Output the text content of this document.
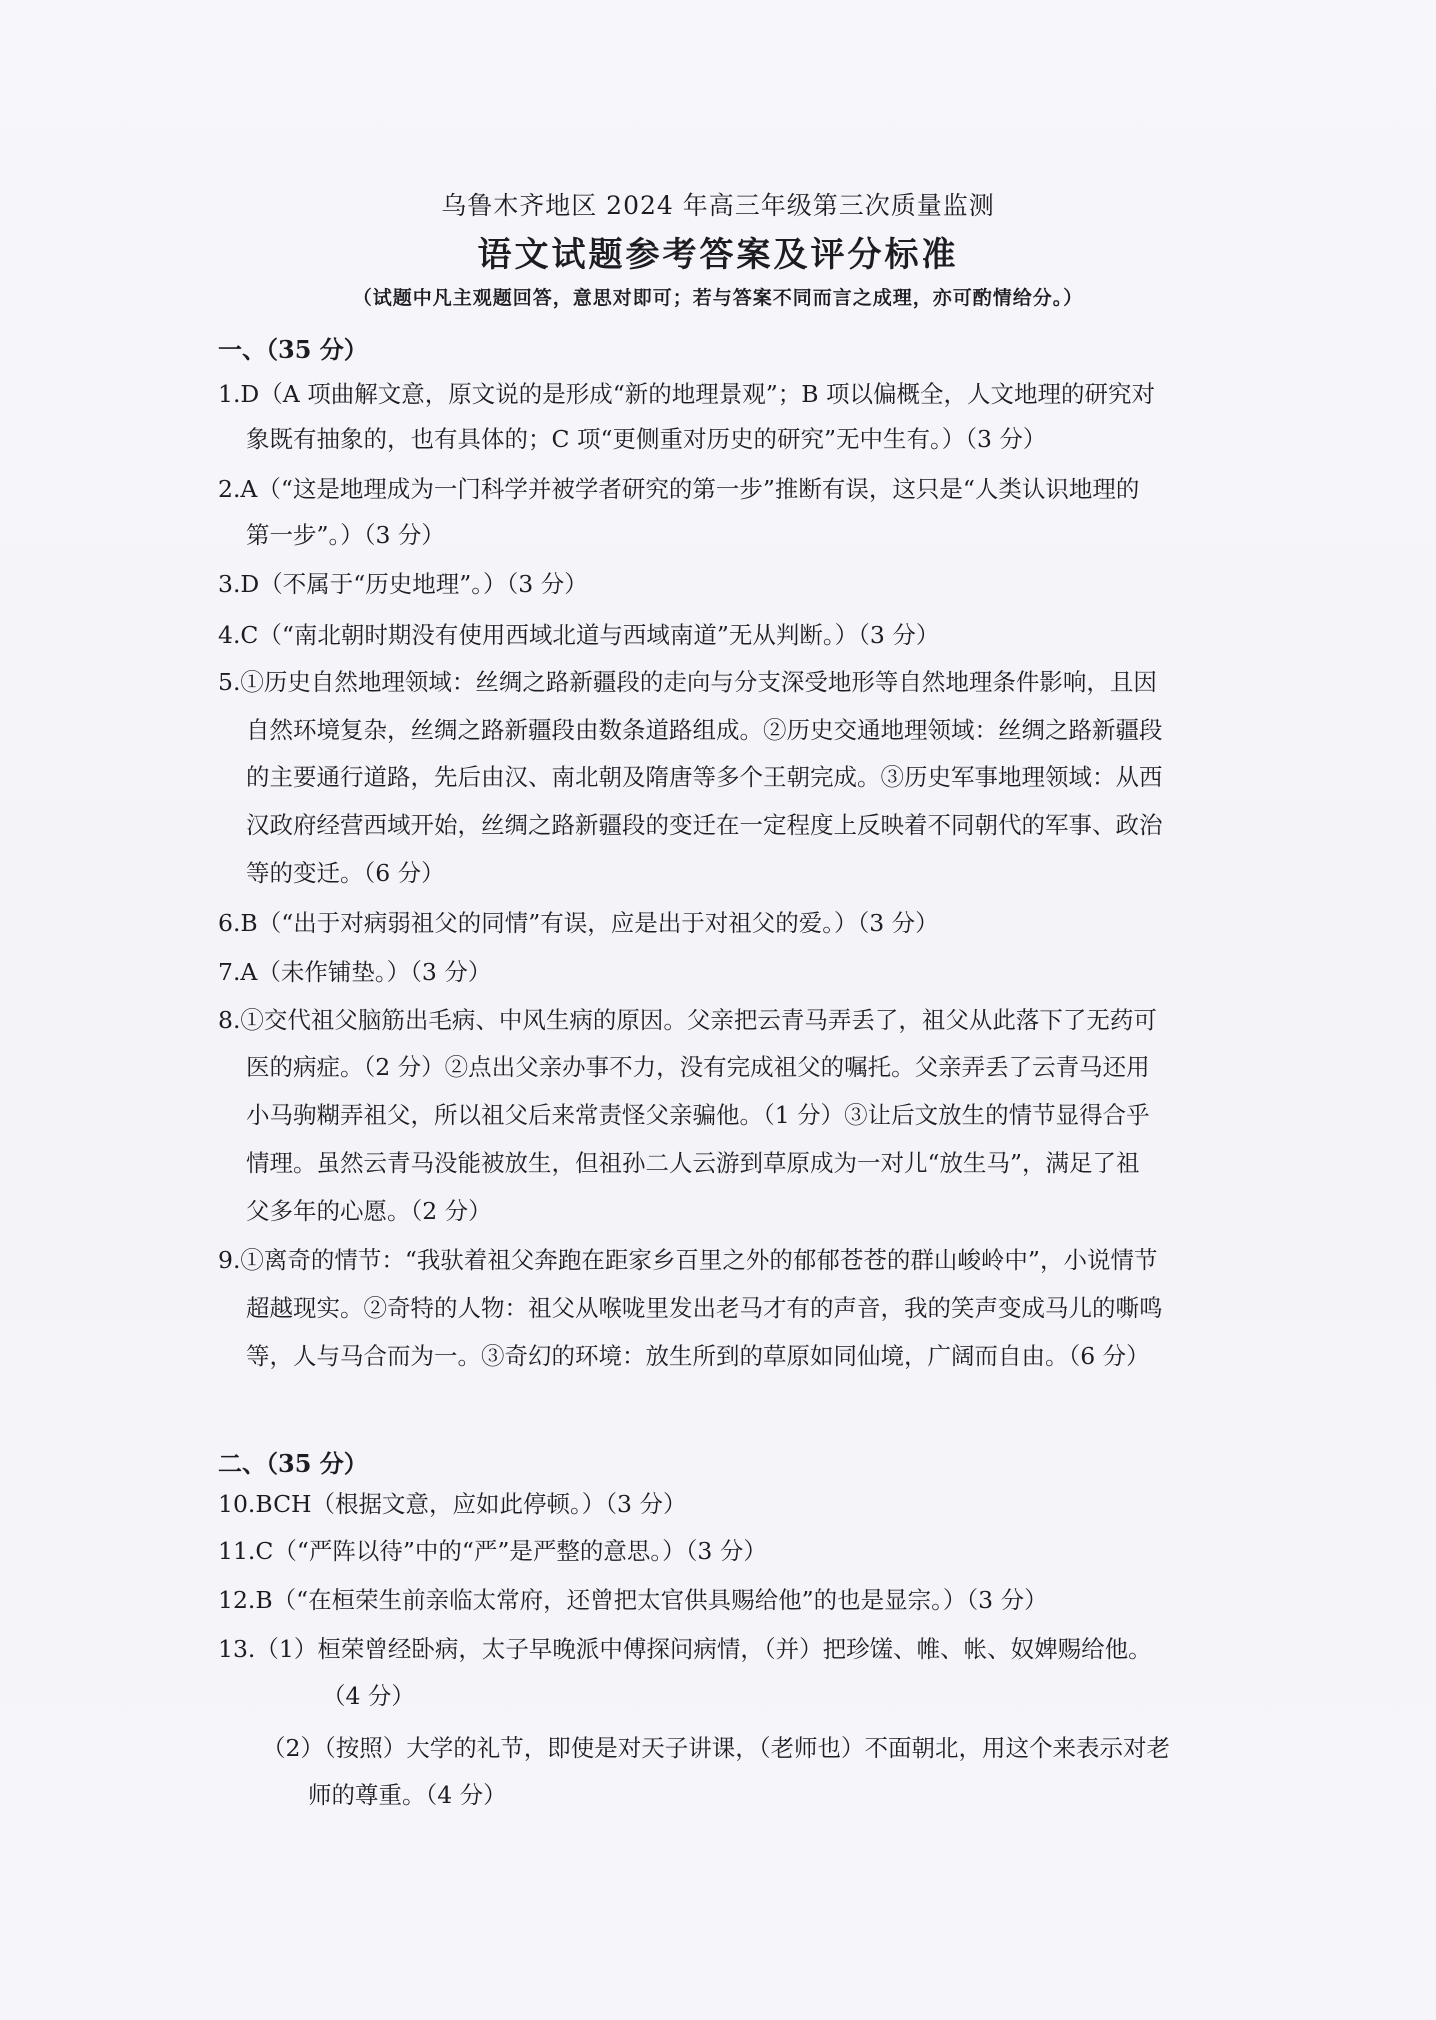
乌鲁木齐地区 2024 年高三年级第三次质量监测
语文试题参考答案及评分标准
（试题中凡主观题回答，意思对即可；若与答案不同而言之成理，亦可酌情给分。）
一、（35 分）
1.D（A 项曲解文意，原文说的是形成“新的地理景观”；B 项以偏概全，人文地理的研究对
象既有抽象的，也有具体的；C 项“更侧重对历史的研究”无中生有。）（3 分）
2.A（“这是地理成为一门科学并被学者研究的第一步”推断有误，这只是“人类认识地理的
第一步”。）（3 分）
3.D（不属于“历史地理”。）（3 分）
4.C（“南北朝时期没有使用西域北道与西域南道”无从判断。）（3 分）
5.①历史自然地理领域：丝绸之路新疆段的走向与分支深受地形等自然地理条件影响，且因
自然环境复杂，丝绸之路新疆段由数条道路组成。②历史交通地理领域：丝绸之路新疆段
的主要通行道路，先后由汉、南北朝及隋唐等多个王朝完成。③历史军事地理领域：从西
汉政府经营西域开始，丝绸之路新疆段的变迁在一定程度上反映着不同朝代的军事、政治
等的变迁。（6 分）
6.B（“出于对病弱祖父的同情”有误，应是出于对祖父的爱。）（3 分）
7.A（未作铺垫。）（3 分）
8.①交代祖父脑筋出毛病、中风生病的原因。父亲把云青马弄丢了，祖父从此落下了无药可
医的病症。（2 分）②点出父亲办事不力，没有完成祖父的嘱托。父亲弄丢了云青马还用
小马驹糊弄祖父，所以祖父后来常责怪父亲骗他。（1 分）③让后文放生的情节显得合乎
情理。虽然云青马没能被放生，但祖孙二人云游到草原成为一对儿“放生马”，满足了祖
父多年的心愿。（2 分）
9.①离奇的情节：“我驮着祖父奔跑在距家乡百里之外的郁郁苍苍的群山峻岭中”，小说情节
超越现实。②奇特的人物：祖父从喉咙里发出老马才有的声音，我的笑声变成马儿的嘶鸣
等，人与马合而为一。③奇幻的环境：放生所到的草原如同仙境，广阔而自由。（6 分）
二、（35 分）
10.BCH（根据文意，应如此停顿。）（3 分）
11.C（“严阵以待”中的“严”是严整的意思。）（3 分）
12.B（“在桓荣生前亲临太常府，还曾把太官供具赐给他”的也是显宗。）（3 分）
13.（1）桓荣曾经卧病，太子早晚派中傅探问病情，（并）把珍馐、帷、帐、奴婢赐给他。
（4 分）
（2）（按照）大学的礼节，即使是对天子讲课，（老师也）不面朝北，用这个来表示对老
师的尊重。（4 分）
